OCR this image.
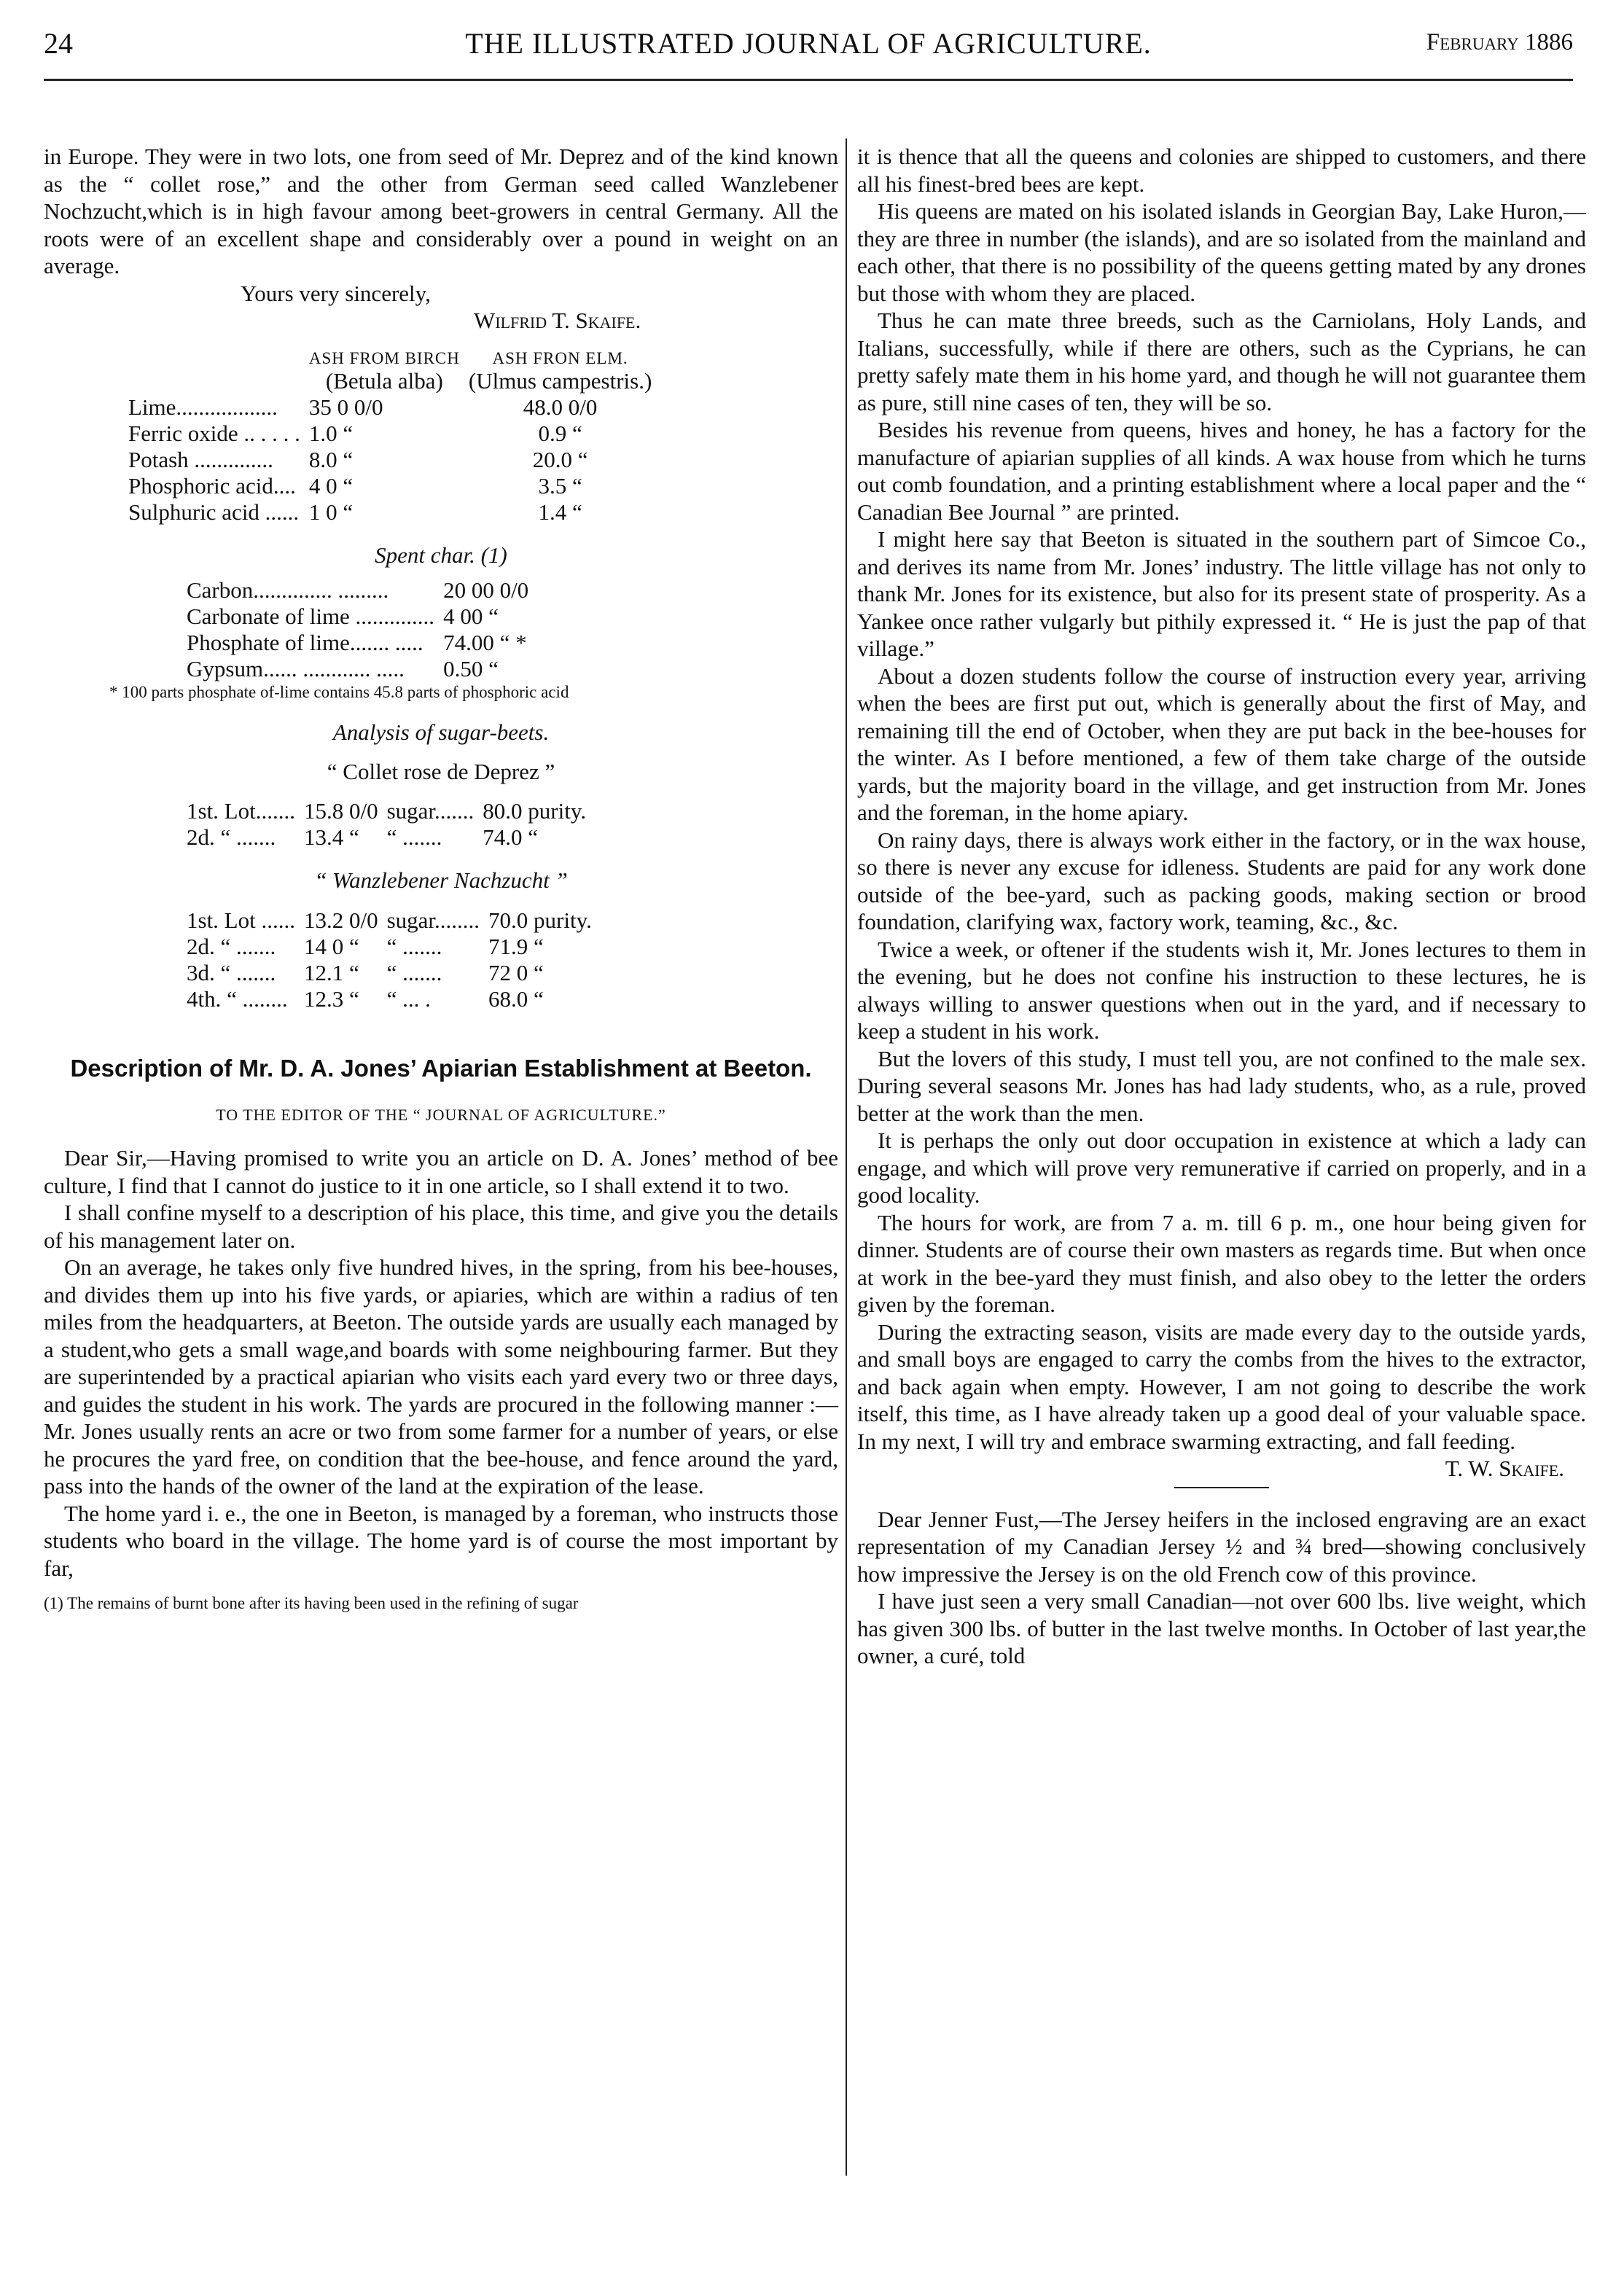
24	THE ILLUSTRATED JOURNAL OF AGRICULTURE.	February 1886

in Europe. They were in two lots, one from seed of Mr. Deprez and of the kind known as the “ collet rose,” and the other from German seed called Wanzlebener Nochzucht,which is in high favour among beet-growers in central Germany. All the roots were of an excellent shape and considerably over a pound in weight on an average.

Yours very sincerely,
Wilfrid T. Skaife.
	ASH FROM BIRCH	ASH FRON ELM.
	(Betula alba)	(Ulmus campestris.)
Lime..................	35 0 0/0	48.0 0/0
Ferric oxide .. . . . .	1.0 “	0.9 “
Potash ..............	8.0 “	20.0 “
Phosphoric acid....	4 0 “	3.5 “
Sulphuric acid ......	1 0 “	1.4 “
Spent char. (1)
Carbon.............. .........	20 00 0/0
Carbonate of lime ..............	4 00 “
Phosphate of lime....... .....	74.00 “ *
Gypsum...... ............ .....	0.50 “
* 100 parts phosphate of-lime contains 45.8 parts of phosphoric acid
Analysis of sugar-beets.
“ Collet rose de Deprez ”
1st. Lot.......	15.8 0/0	sugar.......	80.0 purity.
2d. “ .......	13.4 “	“ .......	74.0 “
“ Wanzlebener Nachzucht ”
1st. Lot ......	13.2 0/0	sugar........	70.0 purity.
2d. “ .......	14 0 “	“ .......	71.9 “
3d. “ .......	12.1 “	“ .......	72 0 “
4th. “ ........	12.3 “	“ ... .	68.0 “
Description of Mr. D. A. Jones’ Apiarian Establishment at Beeton.
TO THE EDITOR OF THE “ JOURNAL OF AGRICULTURE.”

Dear Sir,—Having promised to write you an article on D. A. Jones’ method of bee culture, I find that I cannot do justice to it in one article, so I shall extend it to two.

I shall confine myself to a description of his place, this time, and give you the details of his management later on.

On an average, he takes only five hundred hives, in the spring, from his bee-houses, and divides them up into his five yards, or apiaries, which are within a radius of ten miles from the headquarters, at Beeton. The outside yards are usually each managed by a student,who gets a small wage,and boards with some neighbouring farmer. But they are superintended by a practical apiarian who visits each yard every two or three days, and guides the student in his work. The yards are procured in the following manner :—Mr. Jones usually rents an acre or two from some farmer for a number of years, or else he procures the yard free, on condition that the bee-house, and fence around the yard, pass into the hands of the owner of the land at the expiration of the lease.

The home yard i. e., the one in Beeton, is managed by a foreman, who instructs those students who board in the village. The home yard is of course the most important by far,

(1) The remains of burnt bone after its having been used in the refining of sugar

it is thence that all the queens and colonies are shipped to customers, and there all his finest-bred bees are kept.

His queens are mated on his isolated islands in Georgian Bay, Lake Huron,—they are three in number (the islands), and are so isolated from the mainland and each other, that there is no possibility of the queens getting mated by any drones but those with whom they are placed.

Thus he can mate three breeds, such as the Carniolans, Holy Lands, and Italians, successfully, while if there are others, such as the Cyprians, he can pretty safely mate them in his home yard, and though he will not guarantee them as pure, still nine cases of ten, they will be so.

Besides his revenue from queens, hives and honey, he has a factory for the manufacture of apiarian supplies of all kinds. A wax house from which he turns out comb foundation, and a printing establishment where a local paper and the “ Canadian Bee Journal ” are printed.

I might here say that Beeton is situated in the southern part of Simcoe Co., and derives its name from Mr. Jones’ industry. The little village has not only to thank Mr. Jones for its existence, but also for its present state of prosperity. As a Yankee once rather vulgarly but pithily expressed it. “ He is just the pap of that village.”

About a dozen students follow the course of instruction every year, arriving when the bees are first put out, which is generally about the first of May, and remaining till the end of October, when they are put back in the bee-houses for the winter. As I before mentioned, a few of them take charge of the outside yards, but the majority board in the village, and get instruction from Mr. Jones and the foreman, in the home apiary.

On rainy days, there is always work either in the factory, or in the wax house, so there is never any excuse for idleness. Students are paid for any work done outside of the bee-yard, such as packing goods, making section or brood foundation, clarifying wax, factory work, teaming, &c., &c.

Twice a week, or oftener if the students wish it, Mr. Jones lectures to them in the evening, but he does not confine his instruction to these lectures, he is always willing to answer questions when out in the yard, and if necessary to keep a student in his work.

But the lovers of this study, I must tell you, are not confined to the male sex. During several seasons Mr. Jones has had lady students, who, as a rule, proved better at the work than the men.

It is perhaps the only out door occupation in existence at which a lady can engage, and which will prove very remunerative if carried on properly, and in a good locality.

The hours for work, are from 7 a. m. till 6 p. m., one hour being given for dinner. Students are of course their own masters as regards time. But when once at work in the bee-yard they must finish, and also obey to the letter the orders given by the foreman.

During the extracting season, visits are made every day to the outside yards, and small boys are engaged to carry the combs from the hives to the extractor, and back again when empty. However, I am not going to describe the work itself, this time, as I have already taken up a good deal of your valuable space. In my next, I will try and embrace swarming extracting, and fall feeding.

T. W. Skaife.

Dear Jenner Fust,—The Jersey heifers in the inclosed engraving are an exact representation of my Canadian Jersey ½ and ¾ bred—showing conclusively how impressive the Jersey is on the old French cow of this province.

I have just seen a very small Canadian—not over 600 lbs. live weight, which has given 300 lbs. of butter in the last twelve months. In October of last year,the owner, a curé, told
